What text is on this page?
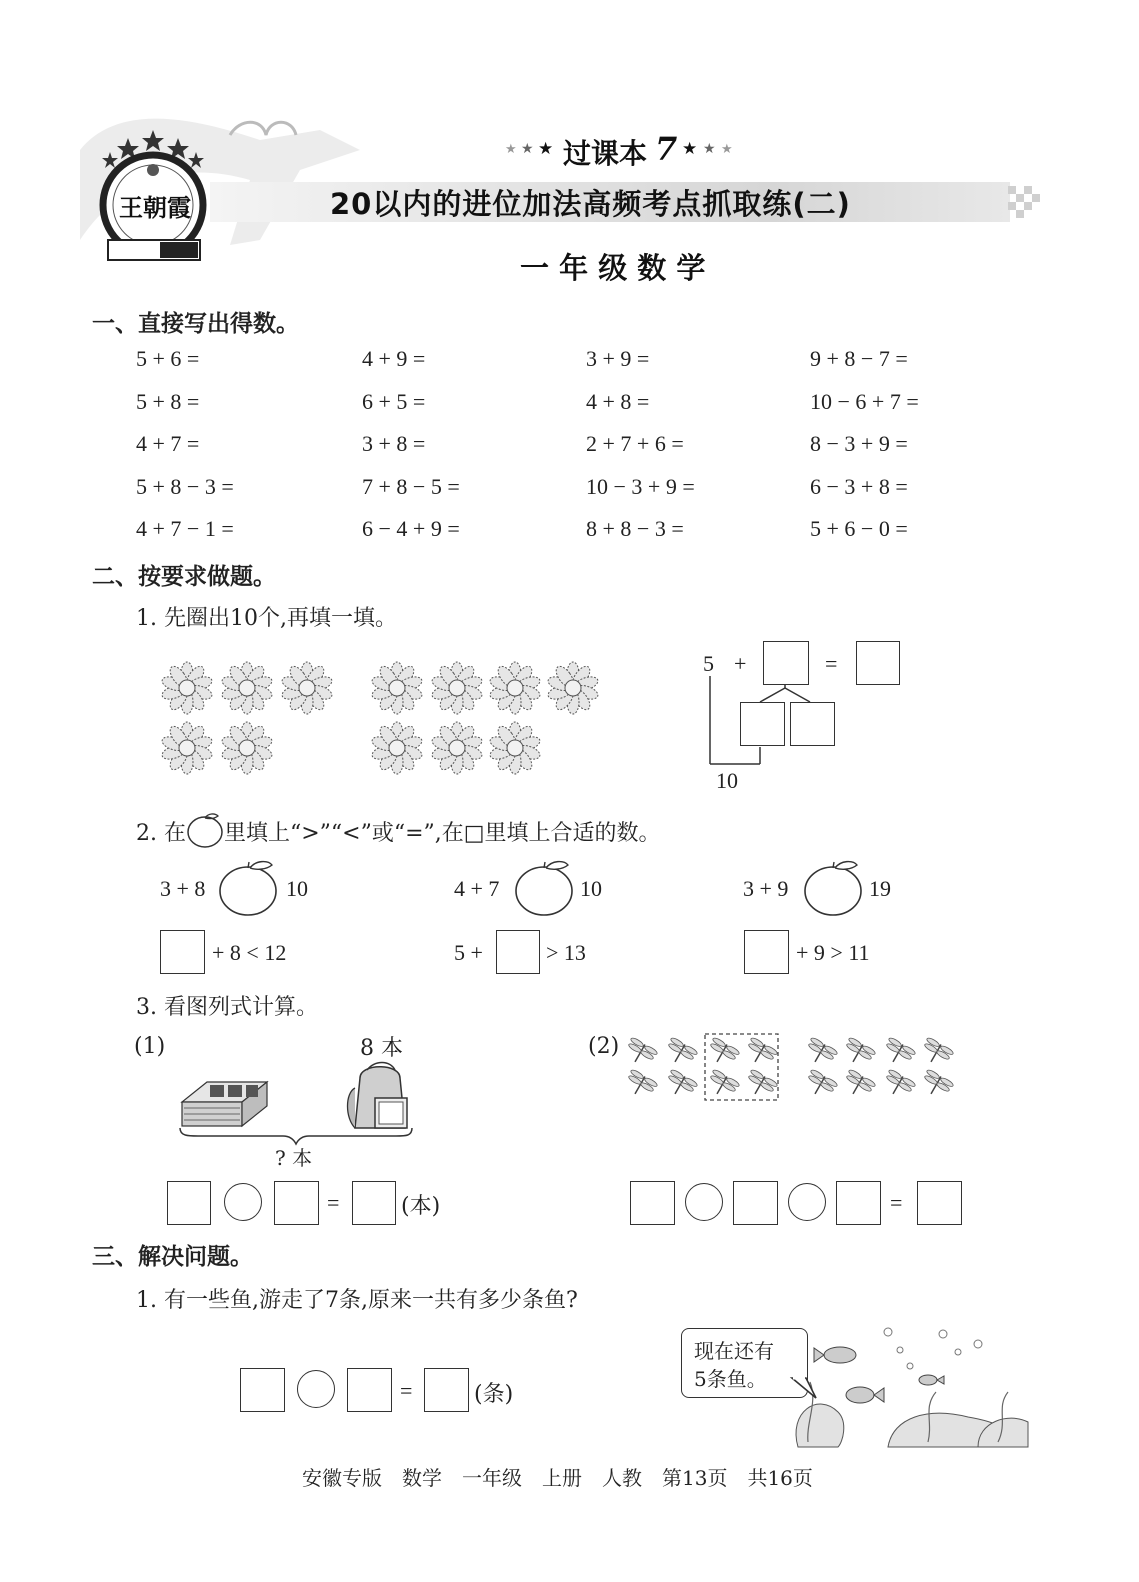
王朝霞
★ ★ ★ 过课本 7 ★ ★ ★
20以内的进位加法高频考点抓取练(二)
一 年 级 数 学
一、直接写出得数。
5 + 6 =	4 + 9 =	3 + 9 =	9 + 8 − 7 =
5 + 8 =	6 + 5 =	4 + 8 =	10 − 6 + 7 =
4 + 7 =	3 + 8 =	2 + 7 + 6 =	8 − 3 + 9 =
5 + 8 − 3 =	7 + 8 − 5 =	10 − 3 + 9 =	6 − 3 + 8 =
4 + 7 − 1 =	6 − 4 + 9 =	8 + 8 − 3 =	5 + 6 − 0 =
二、按要求做题。
1. 先圈出10个,再填一填。
5 +	=
10
2. 在 里填上“>”“<”或“=”,在□里填上合适的数。
3 + 8	10	4 + 7	10	3 + 9	19
+ 8 < 12	5 +	> 13	+ 9 > 11
3. 看图列式计算。
(1)	8 本
? 本
(2)
=	(本)	=
三、解决问题。
1. 有一些鱼,游走了7条,原来一共有多少条鱼?
=	(条)
现在还有
5条鱼。
安徽专版　数学　一年级　上册　人教　第13页　共16页
